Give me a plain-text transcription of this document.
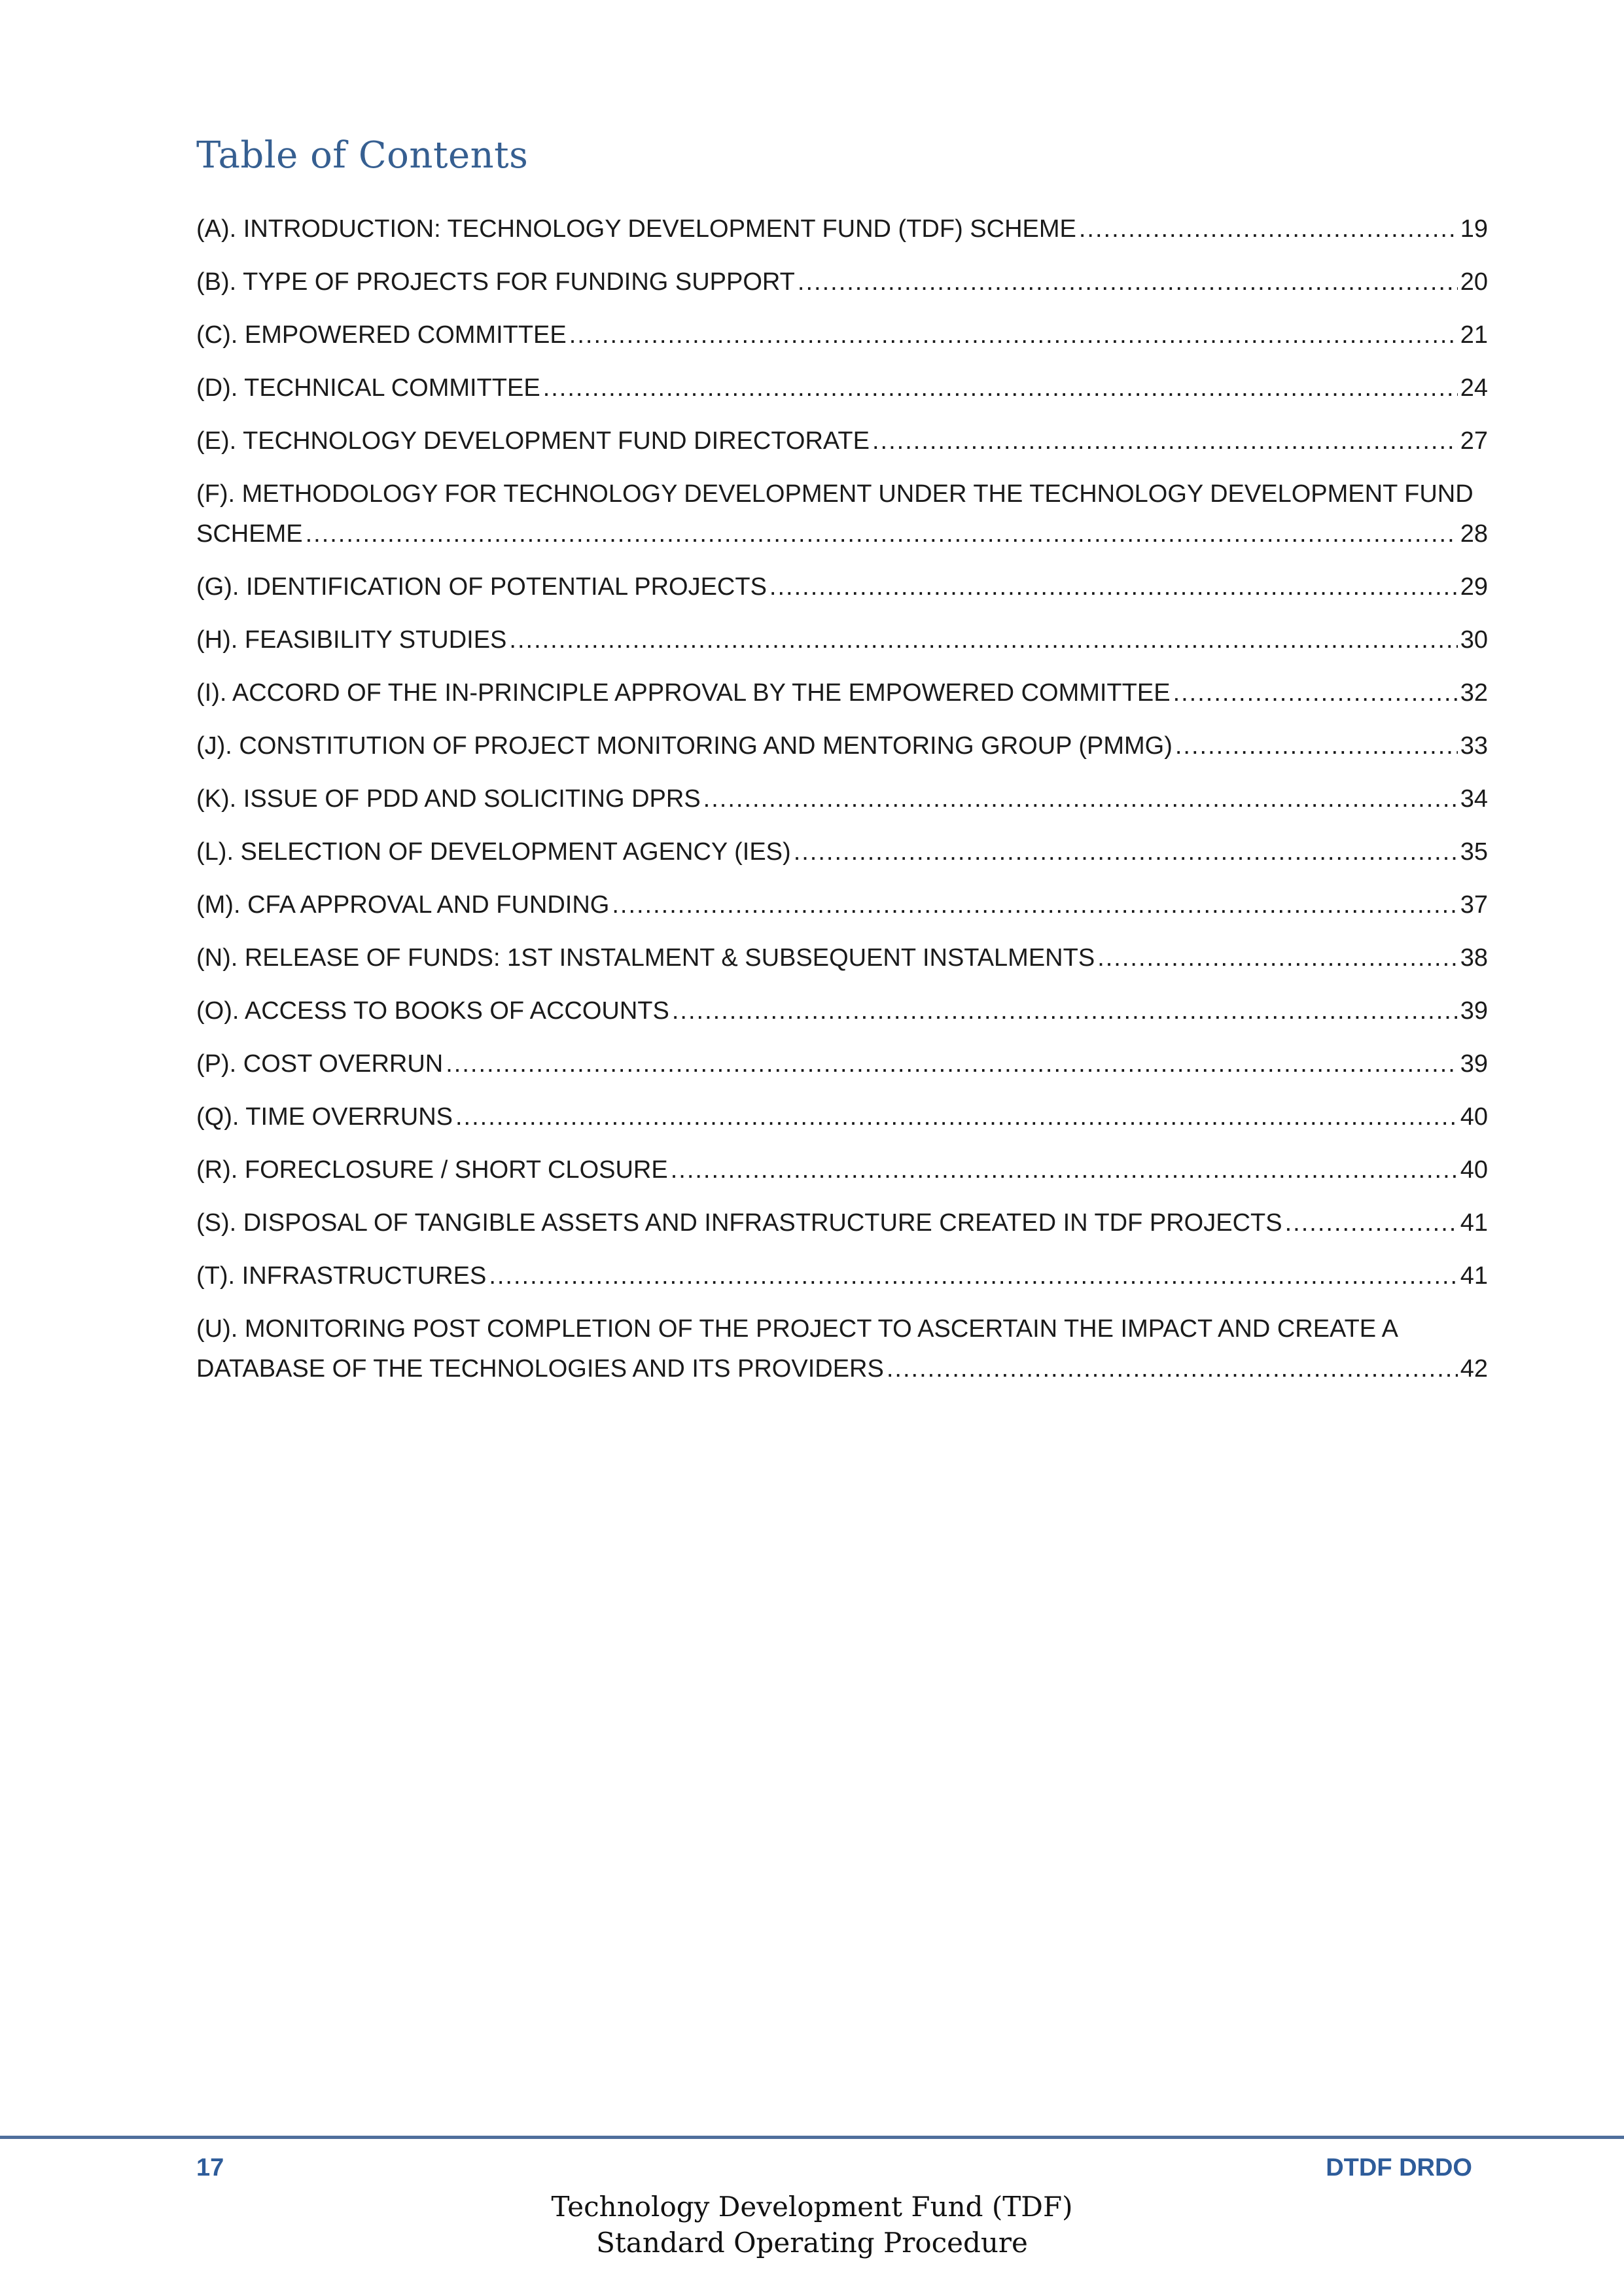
Table of Contents
(A). INTRODUCTION: TECHNOLOGY DEVELOPMENT FUND (TDF) SCHEME .....	19
(B). TYPE OF PROJECTS FOR FUNDING SUPPORT .....	20
(C). EMPOWERED COMMITTEE .....	21
(D). TECHNICAL COMMITTEE .....	24
(E). TECHNOLOGY DEVELOPMENT FUND DIRECTORATE .....	27
(F). METHODOLOGY FOR TECHNOLOGY DEVELOPMENT UNDER THE TECHNOLOGY DEVELOPMENT FUND
SCHEME .....	28
(G). IDENTIFICATION OF POTENTIAL PROJECTS .....	29
(H). FEASIBILITY STUDIES .....	30
(I). ACCORD OF THE IN-PRINCIPLE APPROVAL BY THE EMPOWERED COMMITTEE .....	32
(J). CONSTITUTION OF PROJECT MONITORING AND MENTORING GROUP (PMMG) .....	33
(K). ISSUE OF PDD AND SOLICITING DPRS .....	34
(L). SELECTION OF DEVELOPMENT AGENCY (IES) .....	35
(M). CFA APPROVAL AND FUNDING .....	37
(N). RELEASE OF FUNDS: 1ST INSTALMENT & SUBSEQUENT INSTALMENTS .....	38
(O). ACCESS TO BOOKS OF ACCOUNTS .....	39
(P). COST OVERRUN .....	39
(Q). TIME OVERRUNS .....	40
(R). FORECLOSURE / SHORT CLOSURE .....	40
(S). DISPOSAL OF TANGIBLE ASSETS AND INFRASTRUCTURE CREATED IN TDF PROJECTS .....	41
(T). INFRASTRUCTURES .....	41
(U). MONITORING POST COMPLETION OF THE PROJECT TO ASCERTAIN THE IMPACT AND CREATE A
DATABASE OF THE TECHNOLOGIES AND ITS PROVIDERS .....	42
17	DTDF DRDO
Technology Development Fund (TDF)
Standard Operating Procedure
